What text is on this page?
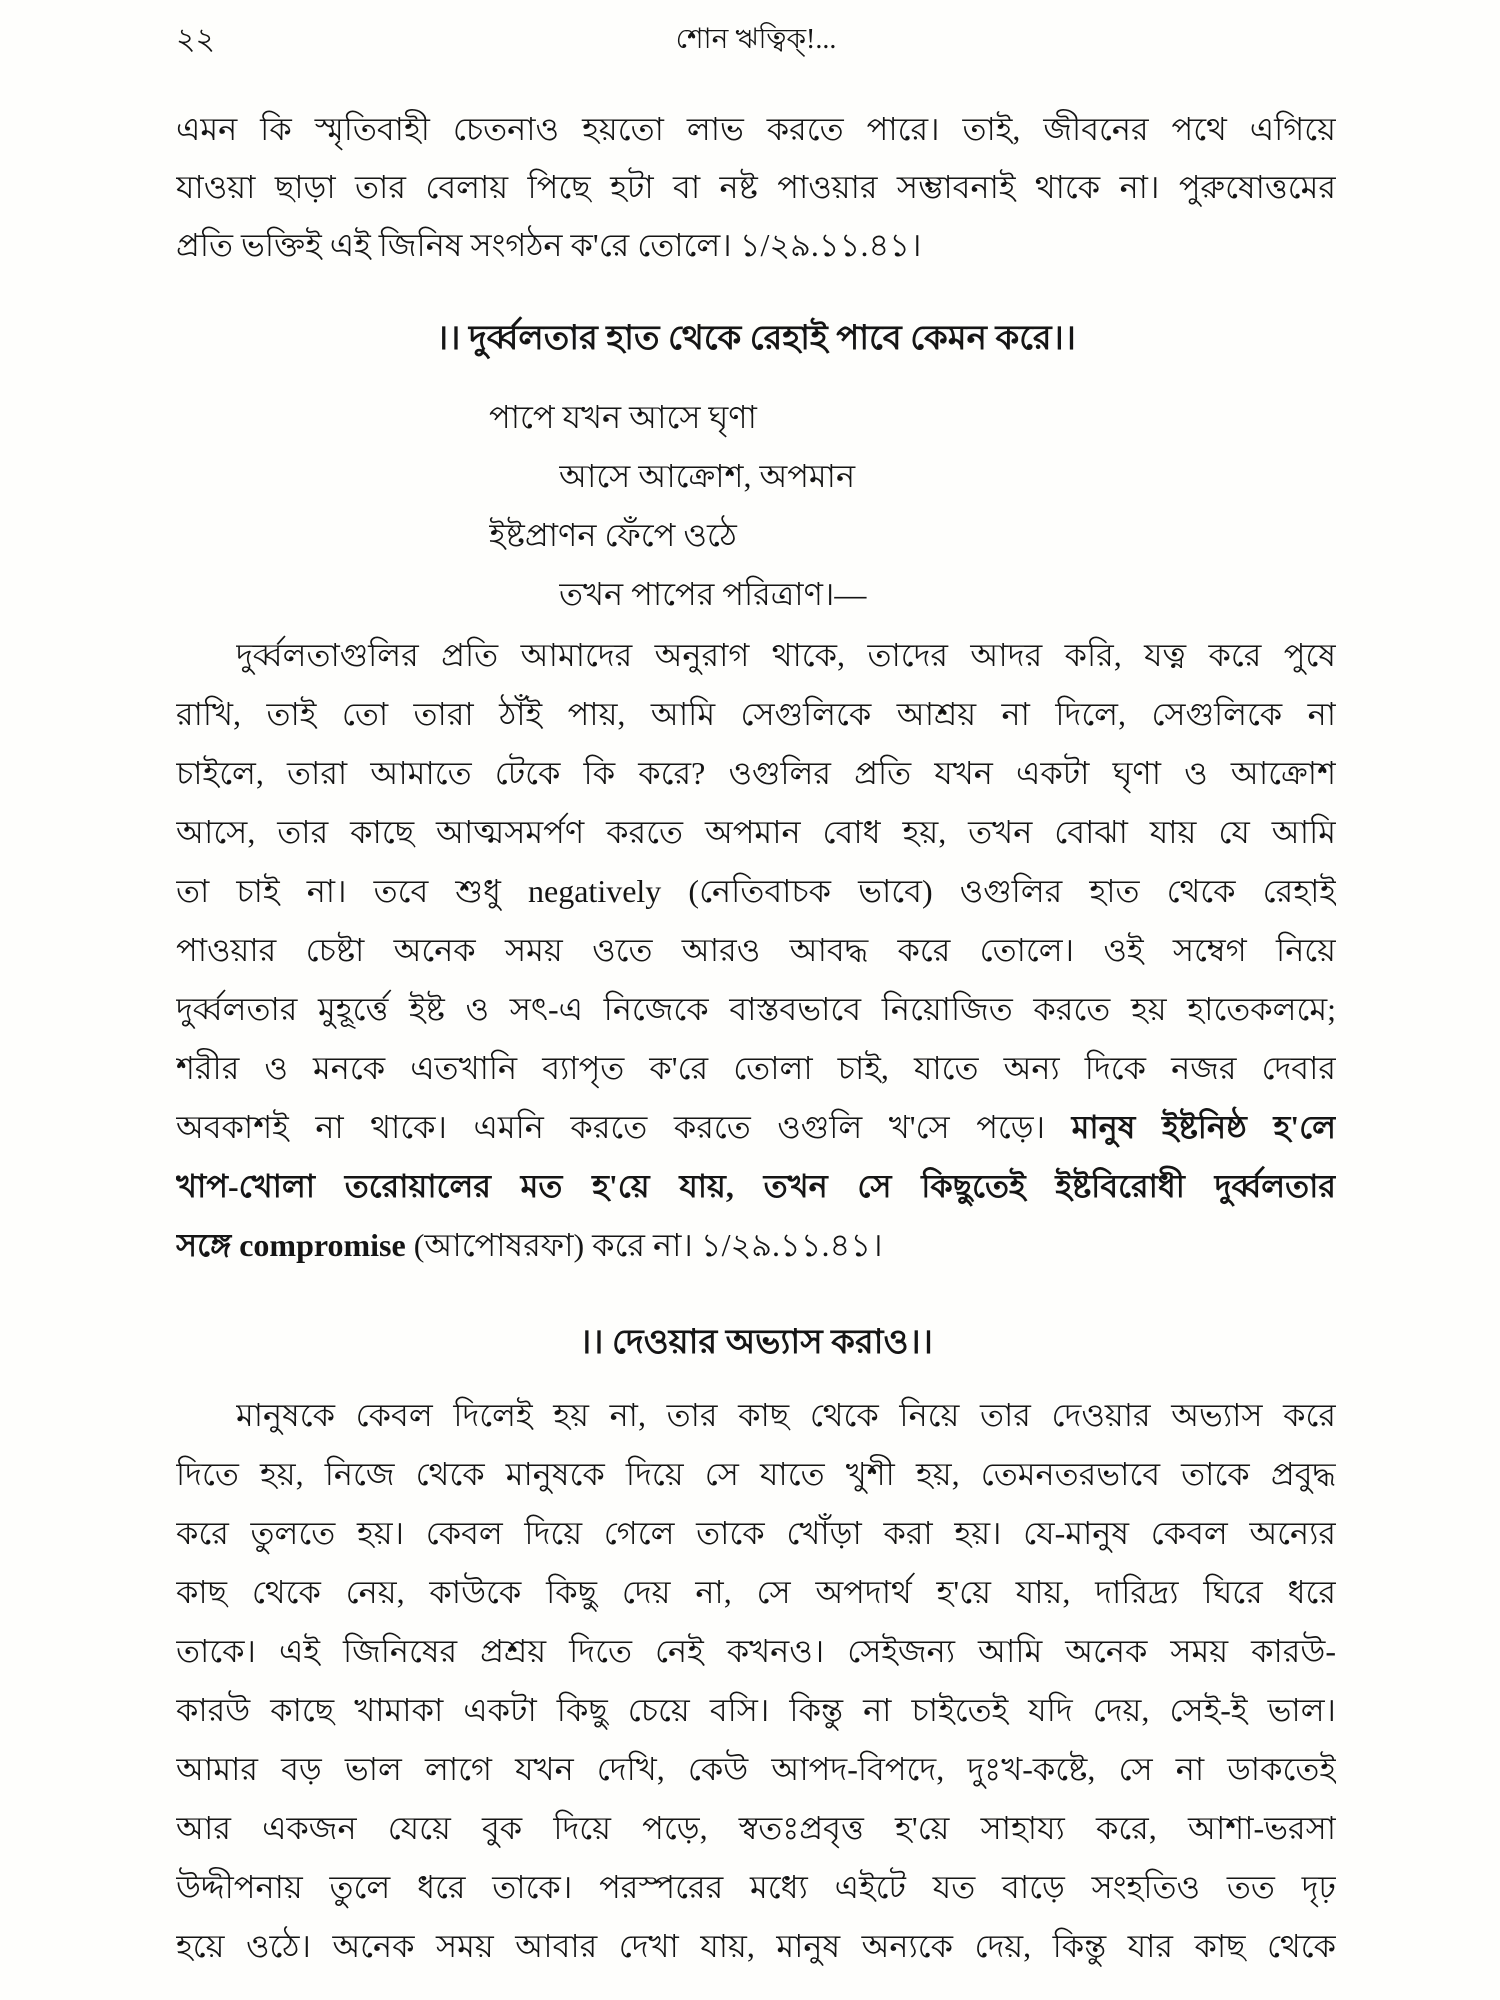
২২	শোন ঋত্বিক্!...
এমন কি স্মৃতিবাহী চেতনাও হয়তো লাভ করতে পারে। তাই, জীবনের পথে এগিয়ে
যাওয়া ছাড়া তার বেলায় পিছে হটা বা নষ্ট পাওয়ার সম্ভাবনাই থাকে না। পুরুষোত্তমের
প্রতি ভক্তিই এই জিনিষ সংগঠন ক'রে তোলে। ১/২৯.১১.৪১।
।। দুর্ব্বলতার হাত থেকে রেহাই পাবে কেমন করে।।
পাপে যখন আসে ঘৃণা
আসে আক্রোশ, অপমান
ইষ্টপ্রাণন ফেঁপে ওঠে
তখন পাপের পরিত্রাণ।—
দুর্ব্বলতাগুলির প্রতি আমাদের অনুরাগ থাকে, তাদের আদর করি, যত্ন করে পুষে
রাখি, তাই তো তারা ঠাঁই পায়, আমি সেগুলিকে আশ্রয় না দিলে, সেগুলিকে না
চাইলে, তারা আমাতে টেকে কি করে? ওগুলির প্রতি যখন একটা ঘৃণা ও আক্রোশ
আসে, তার কাছে আত্মসমর্পণ করতে অপমান বোধ হয়, তখন বোঝা যায় যে আমি
তা চাই না। তবে শুধু negatively (নেতিবাচক ভাবে) ওগুলির হাত থেকে রেহাই
পাওয়ার চেষ্টা অনেক সময় ওতে আরও আবদ্ধ করে তোলে। ওই সম্বেগ নিয়ে
দুর্ব্বলতার মুহূর্ত্তে ইষ্ট ও সৎ-এ নিজেকে বাস্তবভাবে নিয়োজিত করতে হয় হাতেকলমে;
শরীর ও মনকে এতখানি ব্যাপৃত ক'রে তোলা চাই, যাতে অন্য দিকে নজর দেবার
অবকাশই না থাকে। এমনি করতে করতে ওগুলি খ'সে পড়ে। মানুষ ইষ্টনিষ্ঠ হ'লে
খাপ-খোলা তরোয়ালের মত হ'য়ে যায়, তখন সে কিছুতেই ইষ্টবিরোধী দুর্ব্বলতার
সঙ্গে compromise (আপোষরফা) করে না। ১/২৯.১১.৪১।
।। দেওয়ার অভ্যাস করাও।।
মানুষকে কেবল দিলেই হয় না, তার কাছ থেকে নিয়ে তার দেওয়ার অভ্যাস করে
দিতে হয়, নিজে থেকে মানুষকে দিয়ে সে যাতে খুশী হয়, তেমনতরভাবে তাকে প্রবুদ্ধ
করে তুলতে হয়। কেবল দিয়ে গেলে তাকে খোঁড়া করা হয়। যে-মানুষ কেবল অন্যের
কাছ থেকে নেয়, কাউকে কিছু দেয় না, সে অপদার্থ হ'য়ে যায়, দারিদ্র্য ঘিরে ধরে
তাকে। এই জিনিষের প্রশ্রয় দিতে নেই কখনও। সেইজন্য আমি অনেক সময় কারউ-
কারউ কাছে খামাকা একটা কিছু চেয়ে বসি। কিন্তু না চাইতেই যদি দেয়, সেই-ই ভাল।
আমার বড় ভাল লাগে যখন দেখি, কেউ আপদ-বিপদে, দুঃখ-কষ্টে, সে না ডাকতেই
আর একজন যেয়ে বুক দিয়ে পড়ে, স্বতঃপ্রবৃত্ত হ'য়ে সাহায্য করে, আশা-ভরসা
উদ্দীপনায় তুলে ধরে তাকে। পরস্পরের মধ্যে এইটে যত বাড়ে সংহতিও তত দৃঢ়
হয়ে ওঠে। অনেক সময় আবার দেখা যায়, মানুষ অন্যকে দেয়, কিন্তু যার কাছ থেকে
